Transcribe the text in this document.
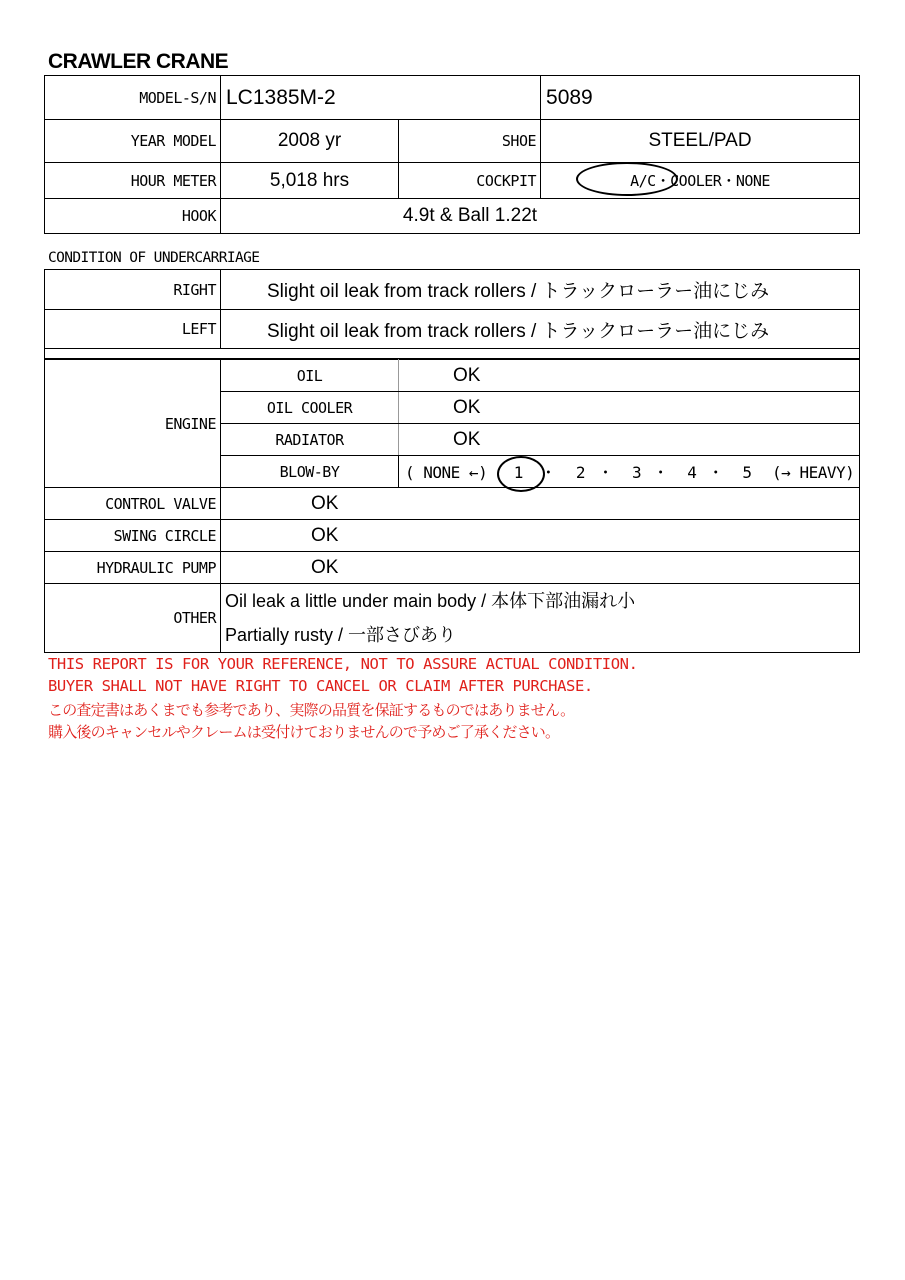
CRAWLER CRANE
MODEL-S/N	LC1385M-2		5089
YEAR MODEL	2008 yr	SHOE	STEEL/PAD
HOUR METER	5,018 hrs	COCKPIT	A/C・COOLER・NONE
HOOK	4.9t & Ball 1.22t		
CONDITION OF UNDERCARRIAGE
RIGHT	Slight oil leak from track rollers / トラックローラー油にじみ
LEFT	Slight oil leak from track rollers / トラックローラー油にじみ

ENGINE	OIL	OK
	OIL COOLER	OK
	RADIATOR	OK
	BLOW-BY	( NONE ←) 1 ・ 2 ・ 3 ・ 4 ・ 5 (→ HEAVY)
CONTROL VALVE	OK	
SWING CIRCLE	OK	
HYDRAULIC PUMP	OK	
OTHER	Oil leak a little under main body / 本体下部油漏れ小
Partially rusty / 一部さびあり	
THIS REPORT IS FOR YOUR REFERENCE, NOT TO ASSURE ACTUAL CONDITION.
BUYER SHALL NOT HAVE RIGHT TO CANCEL OR CLAIM AFTER PURCHASE.
この査定書はあくまでも参考であり、実際の品質を保証するものではありません。
購入後のキャンセルやクレームは受付けておりませんので予めご了承ください。
